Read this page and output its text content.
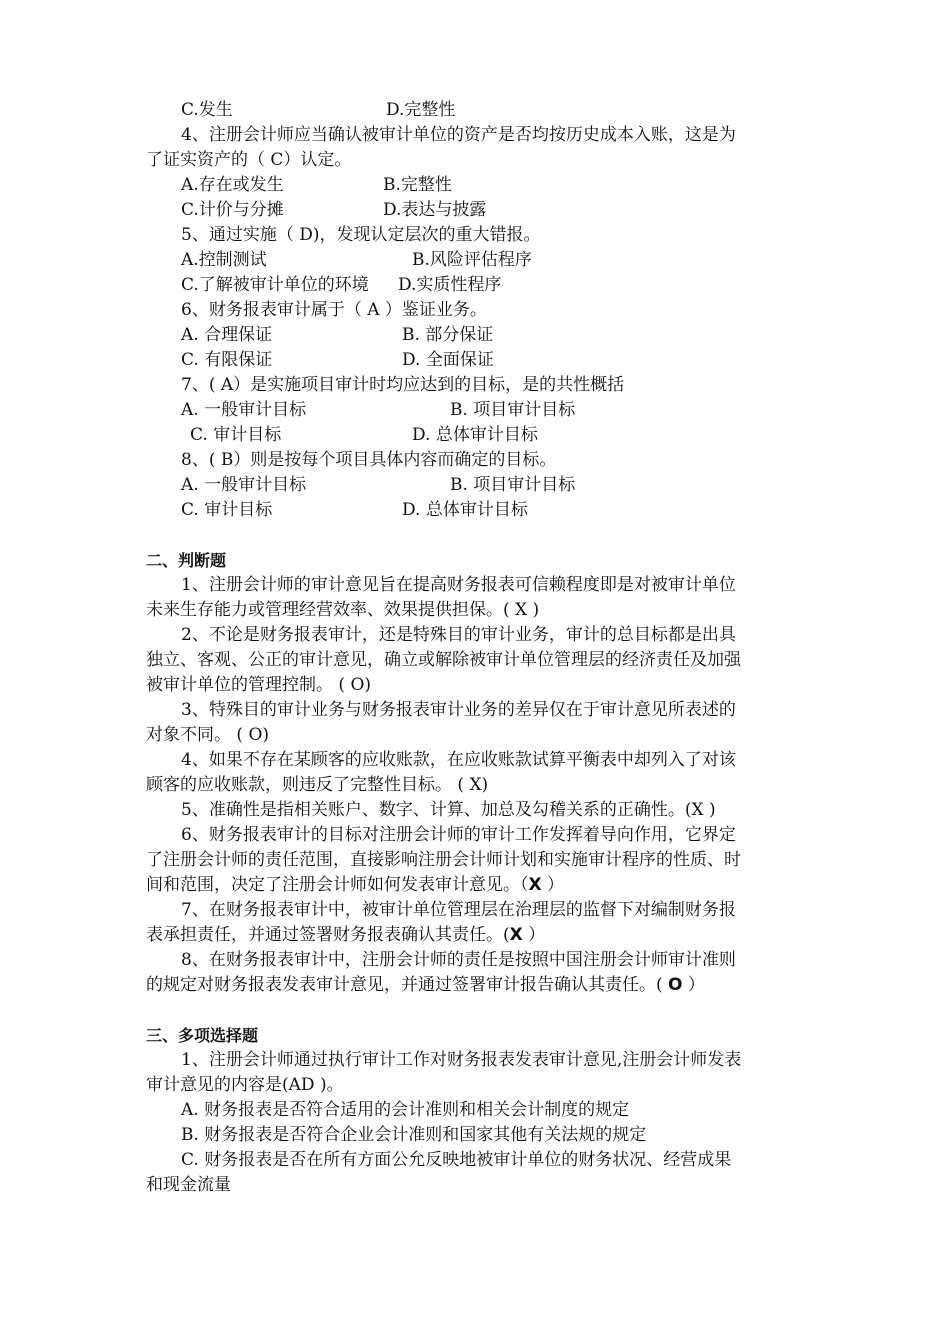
C.发生	D.完整性
4、注册会计师应当确认被审计单位的资产是否均按历史成本入账，这是为
了证实资产的（ C）认定。
A.存在或发生	B.完整性
C.计价与分摊	D.表达与披露
5、通过实施（ D)，发现认定层次的重大错报。
A.控制测试	B.风险评估程序
C.了解被审计单位的环境 D.实质性程序
6、财务报表审计属于（ A ）鉴证业务。
A. 合理保证	B. 部分保证
C. 有限保证	D. 全面保证
7、( A）是实施项目审计时均应达到的目标，是的共性概括
A. 一般审计目标	B. 项目审计目标
C. 审计目标	D. 总体审计目标
8、( B）则是按每个项目具体内容而确定的目标。
A. 一般审计目标	B. 项目审计目标
C. 审计目标	D. 总体审计目标
二、判断题
1、注册会计师的审计意见旨在提高财务报表可信赖程度即是对被审计单位
未来生存能力或管理经营效率、效果提供担保。( X )
2、不论是财务报表审计，还是特殊目的审计业务，审计的总目标都是出具
独立、客观、公正的审计意见，确立或解除被审计单位管理层的经济责任及加强
被审计单位的管理控制。 ( O)
3、特殊目的审计业务与财务报表审计业务的差异仅在于审计意见所表述的
对象不同。 ( O)
4、如果不存在某顾客的应收账款，在应收账款试算平衡表中却列入了对该
顾客的应收账款，则违反了完整性目标。 ( X)
5、准确性是指相关账户、数字、计算、加总及勾稽关系的正确性。(X )
6、财务报表审计的目标对注册会计师的审计工作发挥着导向作用，它界定
了注册会计师的责任范围，直接影响注册会计师计划和实施审计程序的性质、时
间和范围，决定了注册会计师如何发表审计意见。（X ）
7、在财务报表审计中，被审计单位管理层在治理层的监督下对编制财务报
表承担责任，并通过签署财务报表确认其责任。(X ）
8、在财务报表审计中，注册会计师的责任是按照中国注册会计师审计准则
的规定对财务报表发表审计意见，并通过签署审计报告确认其责任。( O ）
三、多项选择题
1、注册会计师通过执行审计工作对财务报表发表审计意见,注册会计师发表
审计意见的内容是(AD )。
A. 财务报表是否符合适用的会计准则和相关会计制度的规定
B. 财务报表是否符合企业会计准则和国家其他有关法规的规定
C. 财务报表是否在所有方面公允反映地被审计单位的财务状况、经营成果
和现金流量
